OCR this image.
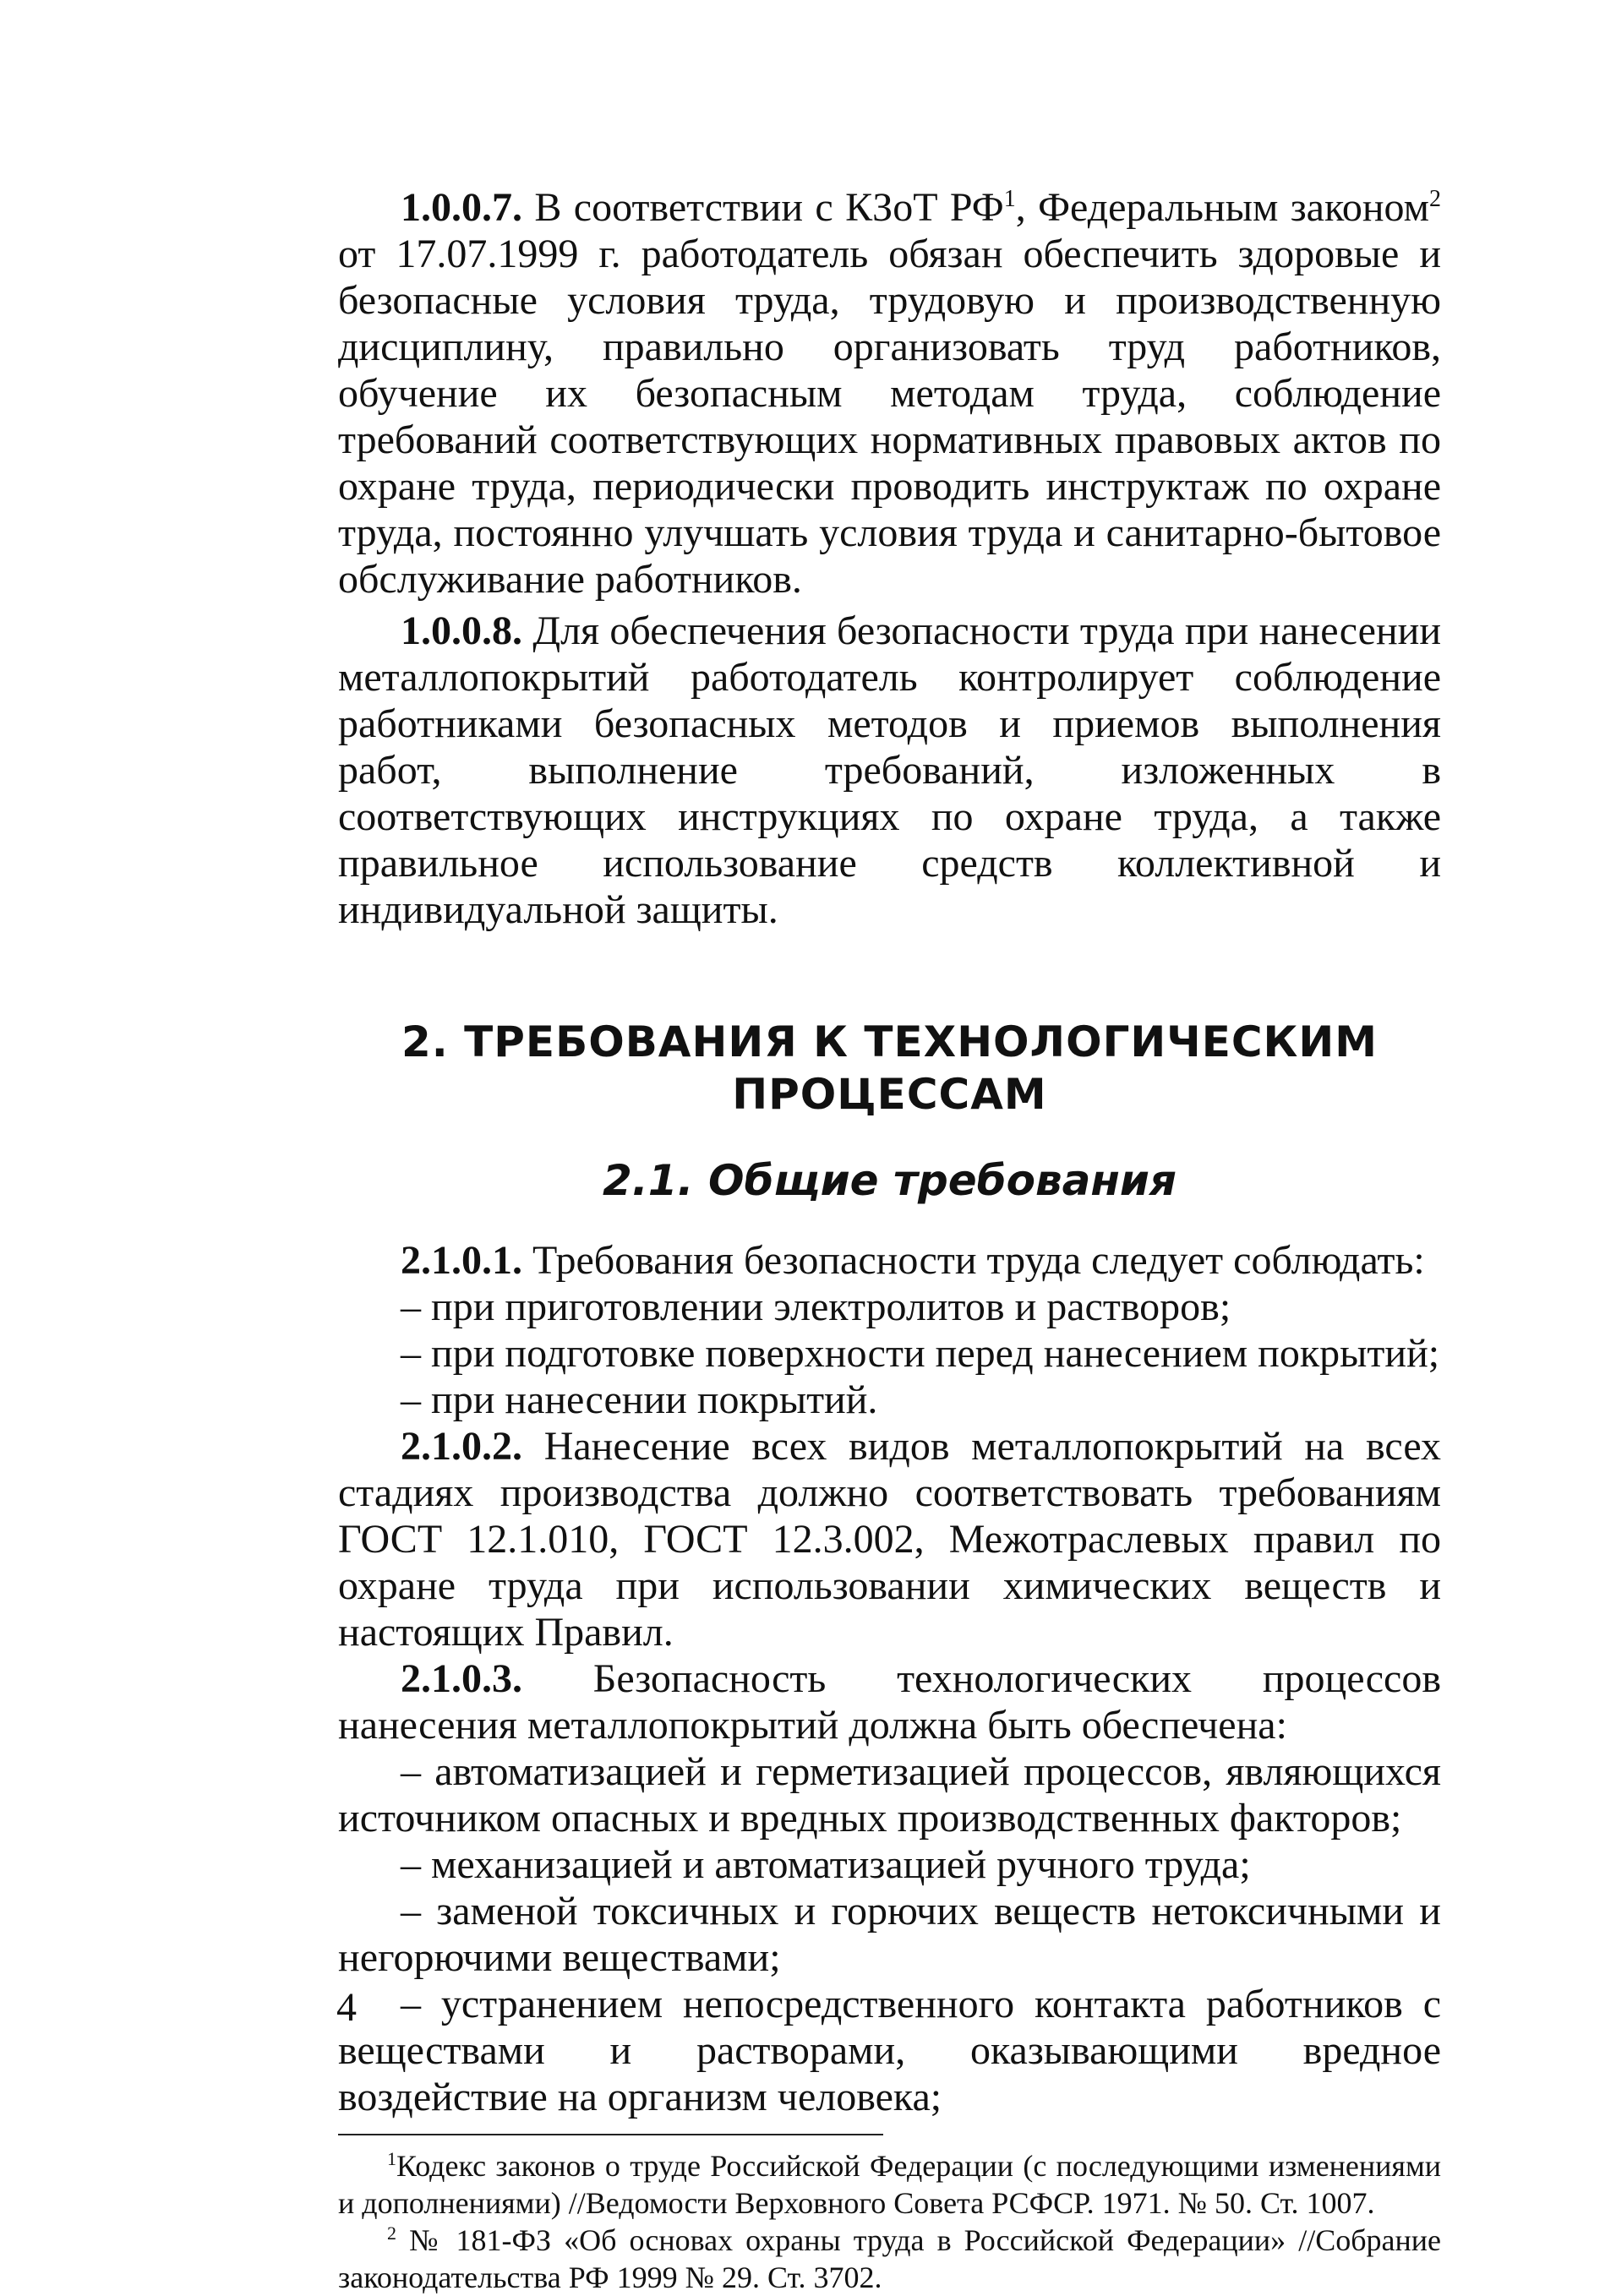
1.0.0.7. В соответствии с КЗоТ $РФ^1$, Федеральным законом$^2$ от 17.07.1999 г. работодатель обязан обеспечить здоровые и безопасные условия труда, трудовую и производственную дисциплину, правильно организовать труд работников, обучение их безопасным методам труда, соблюдение требований соответствующих нормативных правовых актов по охране труда, периодически проводить инструктаж по охране труда, постоянно улучшать условия труда и санитарно-бытовое обслуживание работников.

1.0.0.8. Для обеспечения безопасности труда при нанесении металлопокрытий работодатель контролирует соблюдение работниками безопасных методов и приемов выполнения работ, выполнение требований, изложенных в соответствующих инструкциях по охране труда, а также правильное использование средств коллективной и индивидуальной защиты.

2. ТРЕБОВАНИЯ К ТЕХНОЛОГИЧЕСКИМ
ПРОЦЕССАМ
2.1. Общие требования

2.1.0.1. Требования безопасности труда следует соблюдать:

– при приготовлении электролитов и растворов;

– при подготовке поверхности перед нанесением покрытий;

– при нанесении покрытий.

2.1.0.2. Нанесение всех видов металлопокрытий на всех стадиях производства должно соответствовать требованиям ГОСТ 12.1.010, ГОСТ 12.3.002, Межотраслевых правил по охране труда при использовании химических веществ и настоящих Правил.

2.1.0.3. Безопасность технологических процессов нанесения металлопокрытий должна быть обеспечена:

– автоматизацией и герметизацией процессов, являющихся источником опасных и вредных производственных факторов;

– механизацией и автоматизацией ручного труда;

– заменой токсичных и горючих веществ нетоксичными и негорючими веществами;

– устранением непосредственного контакта работников с веществами и растворами, оказывающими вредное воздействие на организм человека;

$^1$Кодекс законов о труде Российской Федерации (с последующими изменениями и дополнениями) //Ведомости Верховного Совета РСФСР. 1971. № 50. Ст. 1007.

$^2$ № 181-ФЗ «Об основах охраны труда в Российской Федерации» //Собрание законодательства РФ 1999 № 29. Ст. 3702.

4
